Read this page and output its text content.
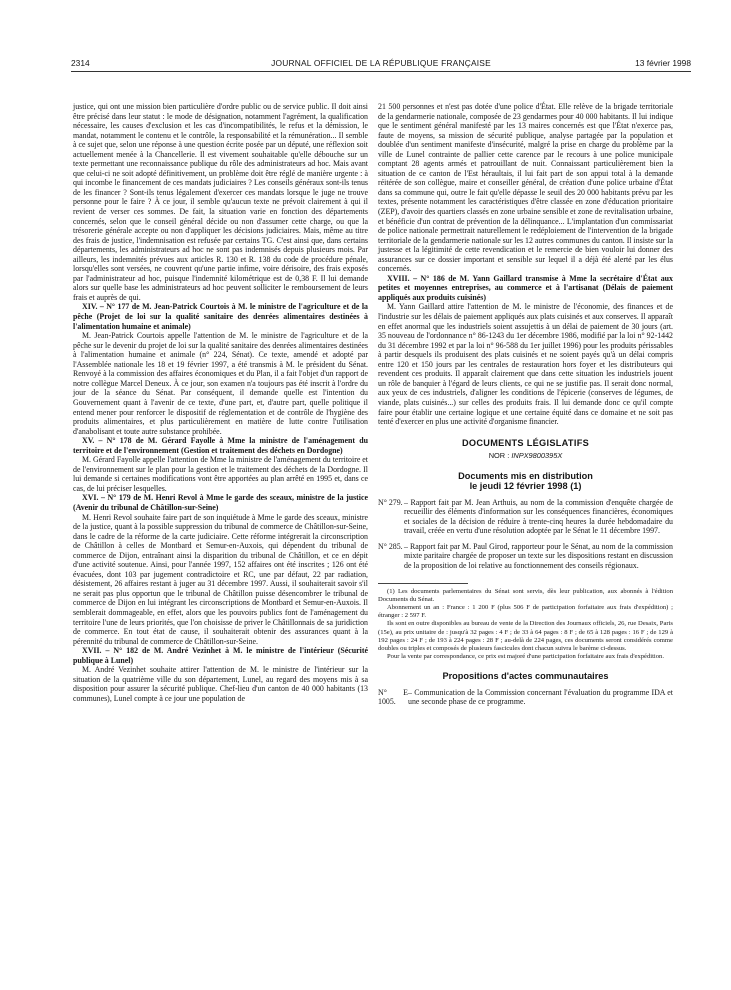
2314	JOURNAL OFFICIEL DE LA RÉPUBLIQUE FRANÇAISE	13 février 1998

justice, qui ont une mission bien particulière d'ordre public ou de service public. Il doit ainsi être précisé dans leur statut : le mode de désignation, notamment l'agrément, la qualification nécessaire, les causes d'exclusion et les cas d'incompatibilités, le refus et la démission, le mandat, notamment le contenu et le contrôle, la responsabilité et la rémunération... Il semble à ce sujet que, selon une réponse à une question écrite posée par un député, une réflexion soit actuellement menée à la Chancellerie. Il est vivement souhaitable qu'elle débouche sur un texte permettant une reconnaissance publique du rôle des administrateurs ad hoc. Mais avant que celui-ci ne soit adopté définitivement, un problème doit être réglé de manière urgente : à qui incombe le financement de ces mandats judiciaires ? Les conseils généraux sont-ils tenus de les financer ? Sont-ils tenus légalement d'exercer ces mandats lorsque le juge ne trouve personne pour le faire ? À ce jour, il semble qu'aucun texte ne prévoit clairement à qui il revient de verser ces sommes. De fait, la situation varie en fonction des départements concernés, selon que le conseil général décide ou non d'assumer cette charge, ou que la trésorerie générale accepte ou non d'appliquer les décisions judiciaires. Mais, même au titre des frais de justice, l'indemnisation est refusée par certains TG. C'est ainsi que, dans certains départements, les administrateurs ad hoc ne sont pas indemnisés depuis plusieurs mois. Par ailleurs, les indemnités prévues aux articles R. 130 et R. 138 du code de procédure pénale, lorsqu'elles sont versées, ne couvrent qu'une partie infime, voire dérisoire, des frais exposés par l'administrateur ad hoc, puisque l'indemnité kilométrique est de 0,38 F. Il lui demande alors sur quelle base les administrateurs ad hoc peuvent solliciter le remboursement de leurs frais et auprès de qui.

XIV. – N° 177 de M. Jean-Patrick Courtois à M. le ministre de l'agriculture et de la pêche (Projet de loi sur la qualité sanitaire des denrées alimentaires destinées à l'alimentation humaine et animale)

M. Jean-Patrick Courtois appelle l'attention de M. le ministre de l'agriculture et de la pêche sur le devenir du projet de loi sur la qualité sanitaire des denrées alimentaires destinées à l'alimentation humaine et animale (n° 224, Sénat). Ce texte, amendé et adopté par l'Assemblée nationale les 18 et 19 février 1997, a été transmis à M. le président du Sénat. Renvoyé à la commission des affaires économiques et du Plan, il a fait l'objet d'un rapport de notre collègue Marcel Deneux. À ce jour, son examen n'a toujours pas été inscrit à l'ordre du jour de la séance du Sénat. Par conséquent, il demande quelle est l'intention du Gouvernement quant à l'avenir de ce texte, d'une part, et, d'autre part, quelle politique il entend mener pour renforcer le dispositif de réglementation et de contrôle de l'hygiène des produits alimentaires, et plus particulièrement en matière de lutte contre l'utilisation d'anabolisant et toute autre substance prohibée.

XV. – N° 178 de M. Gérard Fayolle à Mme la ministre de l'aménagement du territoire et de l'environnement (Gestion et traitement des déchets en Dordogne)

M. Gérard Fayolle appelle l'attention de Mme la ministre de l'aménagement du territoire et de l'environnement sur le plan pour la gestion et le traitement des déchets de la Dordogne. Il lui demande si certaines modifications vont être apportées au plan arrêté en 1995 et, dans ce cas, de lui préciser lesquelles.

XVI. – N° 179 de M. Henri Revol à Mme le garde des sceaux, ministre de la justice (Avenir du tribunal de Châtillon-sur-Seine)

M. Henri Revol souhaite faire part de son inquiétude à Mme le garde des sceaux, ministre de la justice, quant à la possible suppression du tribunal de commerce de Châtillon-sur-Seine, dans le cadre de la réforme de la carte judiciaire. Cette réforme intégrerait la circonscription de Châtillon à celles de Montbard et Semur-en-Auxois, qui dépendent du tribunal de commerce de Dijon, entraînant ainsi la disparition du tribunal de Châtillon, et ce en dépit d'une activité soutenue. Ainsi, pour l'année 1997, 152 affaires ont été inscrites ; 126 ont été évacuées, dont 103 par jugement contradictoire et RC, une par défaut, 22 par radiation, désistement, 26 affaires restant à juger au 31 décembre 1997. Aussi, il souhaiterait savoir s'il ne serait pas plus opportun que le tribunal de Châtillon puisse désencombrer le tribunal de commerce de Dijon en lui intégrant les circonscriptions de Montbard et Semur-en-Auxois. Il semblerait dommageable, en effet, alors que les pouvoirs publics font de l'aménagement du territoire l'une de leurs priorités, que l'on choisisse de priver le Châtillonnais de sa juridiction de commerce. En tout état de cause, il souhaiterait obtenir des assurances quant à la pérennité du tribunal de commerce de Châtillon-sur-Seine.

XVII. – N° 182 de M. André Vezinhet à M. le ministre de l'intérieur (Sécurité publique à Lunel)

M. André Vezinhet souhaite attirer l'attention de M. le ministre de l'intérieur sur la situation de la quatrième ville du son département, Lunel, au regard des moyens mis à sa disposition pour assurer la sécurité publique. Chef-lieu d'un canton de 40 000 habitants (13 communes), Lunel compte à ce jour une population de

21 500 personnes et n'est pas dotée d'une police d'État. Elle relève de la brigade territoriale de la gendarmerie nationale, composée de 23 gendarmes pour 40 000 habitants. Il lui indique que le sentiment général manifesté par les 13 maires concernés est que l'État n'exerce pas, faute de moyens, sa mission de sécurité publique, analyse partagée par la population et doublée d'un sentiment manifeste d'insécurité, malgré la prise en charge du problème par la ville de Lunel contrainte de pallier cette carence par le recours à une police municipale comptant 28 agents armés et patrouillant de nuit. Connaissant particulièrement bien la situation de ce canton de l'Est héraultais, il lui fait part de son appui total à la demande réitérée de son collègue, maire et conseiller général, de création d'une police urbaine d'État dans sa commune qui, outre le fait qu'elle dépasse le seuil des 20 000 habitants prévu par les textes, présente notamment les caractéristiques d'être classée en zone d'éducation prioritaire (ZEP), d'avoir des quartiers classés en zone urbaine sensible et zone de revitalisation urbaine, et bénéficie d'un contrat de prévention de la délinquance... L'implantation d'un commissariat de police nationale permettrait naturellement le redéploiement de l'intervention de la brigade territoriale de la gendarmerie nationale sur les 12 autres communes du canton. Il insiste sur la justesse et la légitimité de cette revendication et le remercie de bien vouloir lui donner des assurances sur ce dossier important et sensible sur lequel il a déjà été alerté par les élus concernés.

XVIII. – N° 186 de M. Yann Gaillard transmise à Mme la secrétaire d'État aux petites et moyennes entreprises, au commerce et à l'artisanat (Délais de paiement appliqués aux produits cuisinés)

M. Yann Gaillard attire l'attention de M. le ministre de l'économie, des finances et de l'industrie sur les délais de paiement appliqués aux plats cuisinés et aux conserves. Il apparaît en effet anormal que les industriels soient assujettis à un délai de paiement de 30 jours (art. 35 nouveau de l'ordonnance n° 86-1243 du 1er décembre 1986, modifié par la loi n° 92-1442 du 31 décembre 1992 et par la loi n° 96-588 du 1er juillet 1996) pour les produits périssables à partir desquels ils produisent des plats cuisinés et ne soient payés qu'à un délai compris entre 120 et 150 jours par les centrales de restauration hors foyer et les distributeurs qui revendent ces produits. Il apparaît clairement que dans cette situation les industriels jouent un rôle de banquier à l'égard de leurs clients, ce qui ne se justifie pas. Il serait donc normal, aux yeux de ces industriels, d'aligner les conditions de l'épicerie (conserves de légumes, de viande, plats cuisinés...) sur celles des produits frais. Il lui demande donc ce qu'il compte faire pour établir une certaine logique et une certaine équité dans ce domaine et ne soit pas tenté d'exercer en plus une activité d'organisme financier.

DOCUMENTS LÉGISLATIFS
NOR : INPX9800395X
Documents mis en distribution
le jeudi 12 février 1998 (1)
N° 279. – Rapport fait par M. Jean Arthuis, au nom de la commission d'enquête chargée de recueillir des éléments d'information sur les conséquences financières, économiques et sociales de la décision de réduire à trente-cinq heures la durée hebdomadaire du travail, créée en vertu d'une résolution adoptée par le Sénat le 11 décembre 1997.
N° 285. – Rapport fait par M. Paul Girod, rapporteur pour le Sénat, au nom de la commission mixte paritaire chargée de proposer un texte sur les dispositions restant en discussion de la proposition de loi relative au fonctionnement des conseils régionaux.

(1) Les documents parlementaires du Sénat sont servis, dès leur publication, aux abonnés à l'édition Documents du Sénat.

Abonnement un an : France : 1 200 F (plus 506 F de participation forfaitaire aux frais d'expédition) ; étranger : 2 597 F.

Ils sont en outre disponibles au bureau de vente de la Direction des Journaux officiels, 26, rue Desaix, Paris (15e), au prix unitaire de : jusqu'à 32 pages : 4 F ; de 33 à 64 pages : 8 F ; de 65 à 128 pages : 16 F ; de 129 à 192 pages : 24 F ; de 193 à 224 pages : 28 F ; au-delà de 224 pages, ces documents seront considérés comme doubles ou triples et composés de plusieurs fascicules dont chacun suivra le barème ci-dessus.

Pour la vente par correspondance, ce prix est majoré d'une participation forfaitaire aux frais d'expédition.

Propositions d'actes communautaires
N° E 1005.
– Communication de la Commission concernant l'évaluation du programme IDA et une seconde phase de ce programme.
